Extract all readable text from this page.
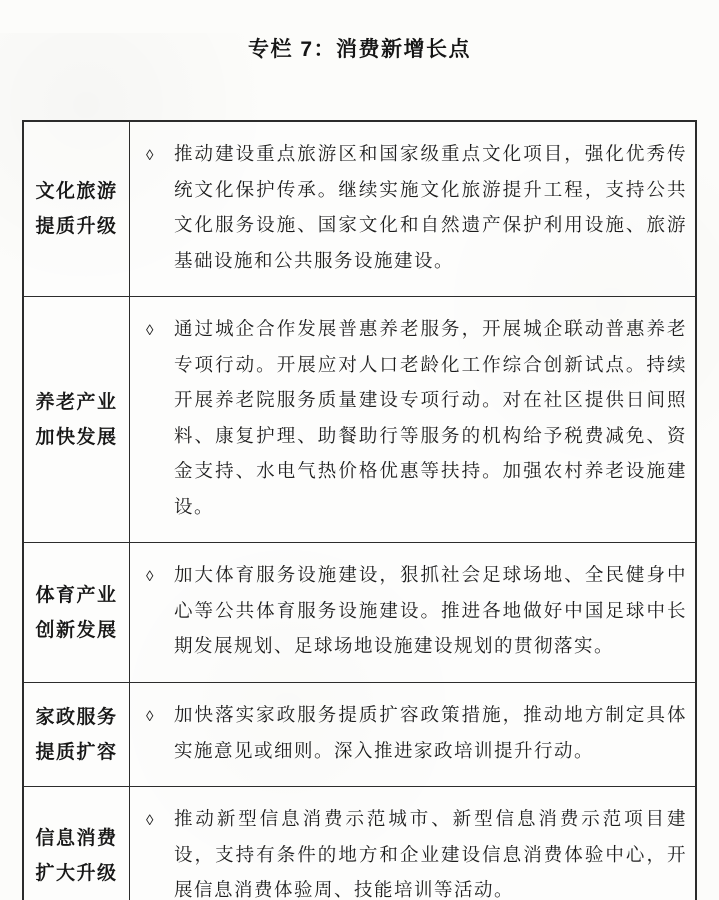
专栏 7：消费新增长点
文化旅游
提质升级
◊	推动建设重点旅游区和国家级重点文化项目，强化优秀传统文化保护传承。继续实施文化旅游提升工程，支持公共文化服务设施、国家文化和自然遗产保护利用设施、旅游基础设施和公共服务设施建设。

养老产业
加快发展
◊	通过城企合作发展普惠养老服务，开展城企联动普惠养老专项行动。开展应对人口老龄化工作综合创新试点。持续开展养老院服务质量建设专项行动。对在社区提供日间照料、康复护理、助餐助行等服务的机构给予税费减免、资金支持、水电气热价格优惠等扶持。加强农村养老设施建设。

体育产业
创新发展
◊	加大体育服务设施建设，狠抓社会足球场地、全民健身中心等公共体育服务设施建设。推进各地做好中国足球中长期发展规划、足球场地设施建设规划的贯彻落实。

家政服务
提质扩容
◊	加快落实家政服务提质扩容政策措施，推动地方制定具体实施意见或细则。深入推进家政培训提升行动。

信息消费
扩大升级
◊	推动新型信息消费示范城市、新型信息消费示范项目建设，支持有条件的地方和企业建设信息消费体验中心，开展信息消费体验周、技能培训等活动。
